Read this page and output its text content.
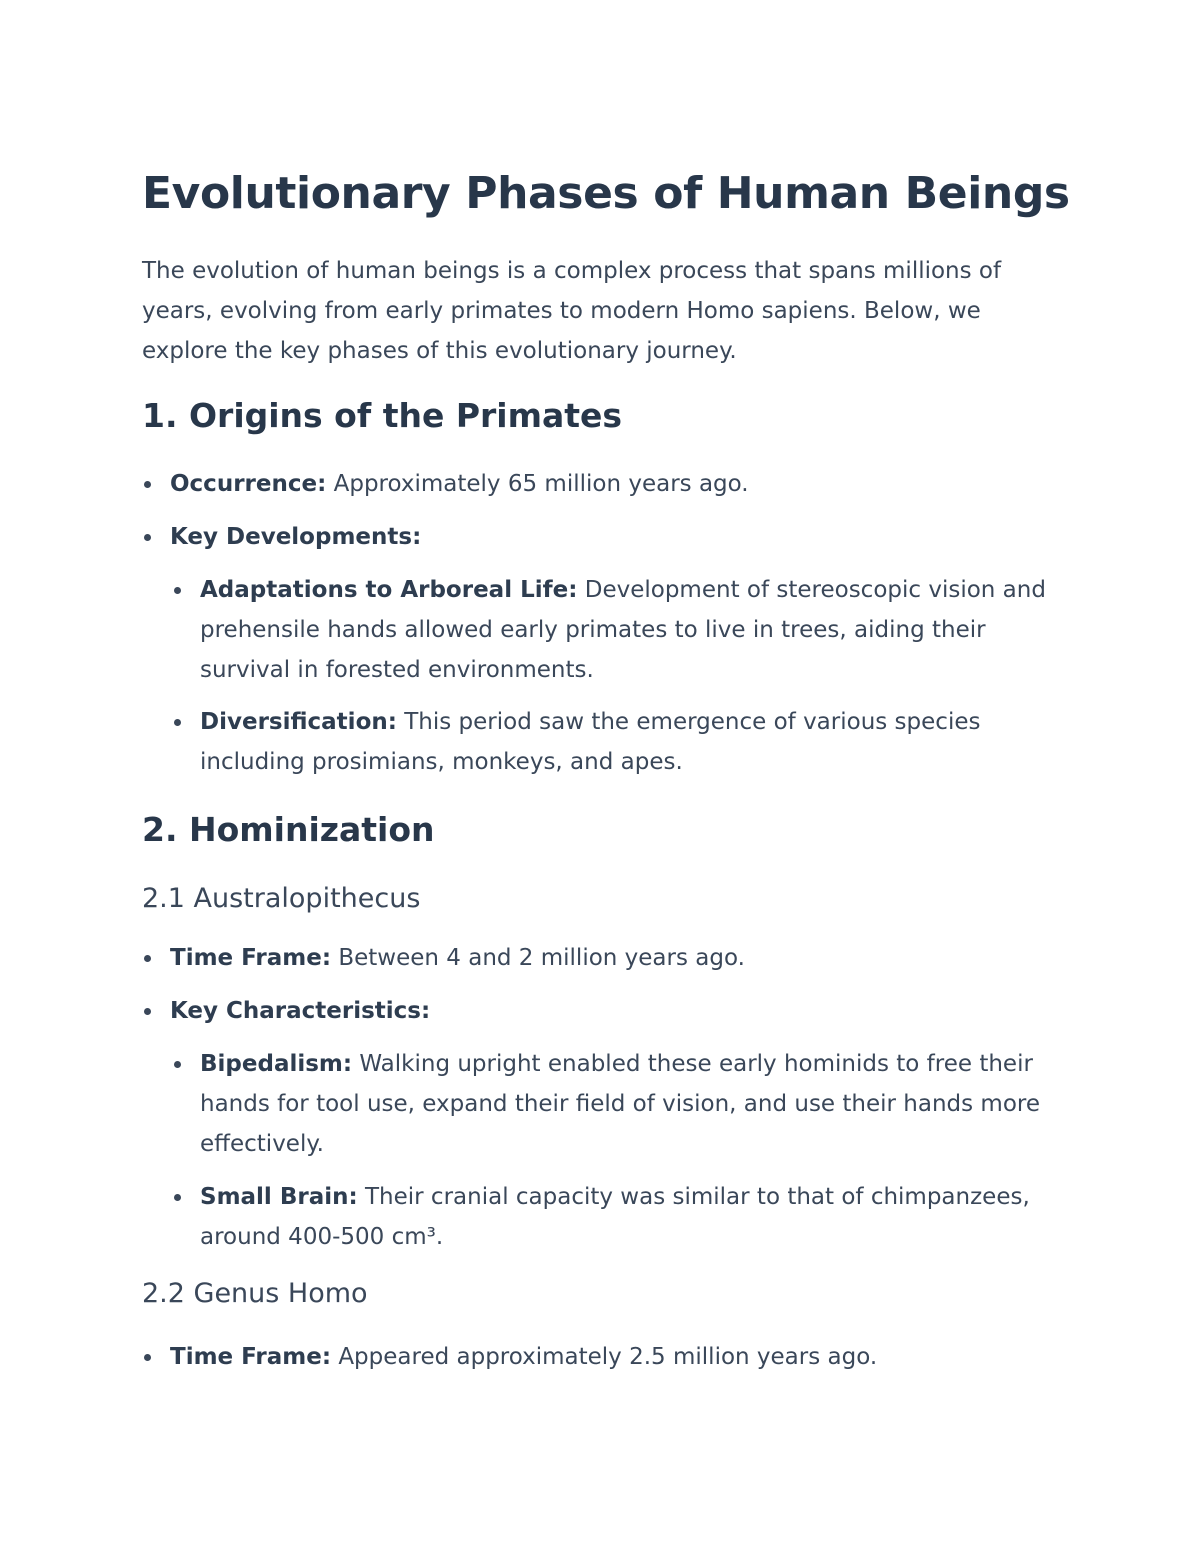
Evolutionary Phases of Human Beings

The evolution of human beings is a complex process that spans millions of years, evolving from early primates to modern Homo sapiens. Below, we explore the key phases of this evolutionary journey.

1. Origins of the Primates
Occurrence: Approximately 65 million years ago.
Key Developments:
Adaptations to Arboreal Life: Development of stereoscopic vision and prehensile hands allowed early primates to live in trees, aiding their survival in forested environments.
Diversification: This period saw the emergence of various species including prosimians, monkeys, and apes.
2. Hominization
2.1 Australopithecus
Time Frame: Between 4 and 2 million years ago.
Key Characteristics:
Bipedalism: Walking upright enabled these early hominids to free their hands for tool use, expand their field of vision, and use their hands more effectively.
Small Brain: Their cranial capacity was similar to that of chimpanzees, around 400-500 cm³.
2.2 Genus Homo
Time Frame: Appeared approximately 2.5 million years ago.
